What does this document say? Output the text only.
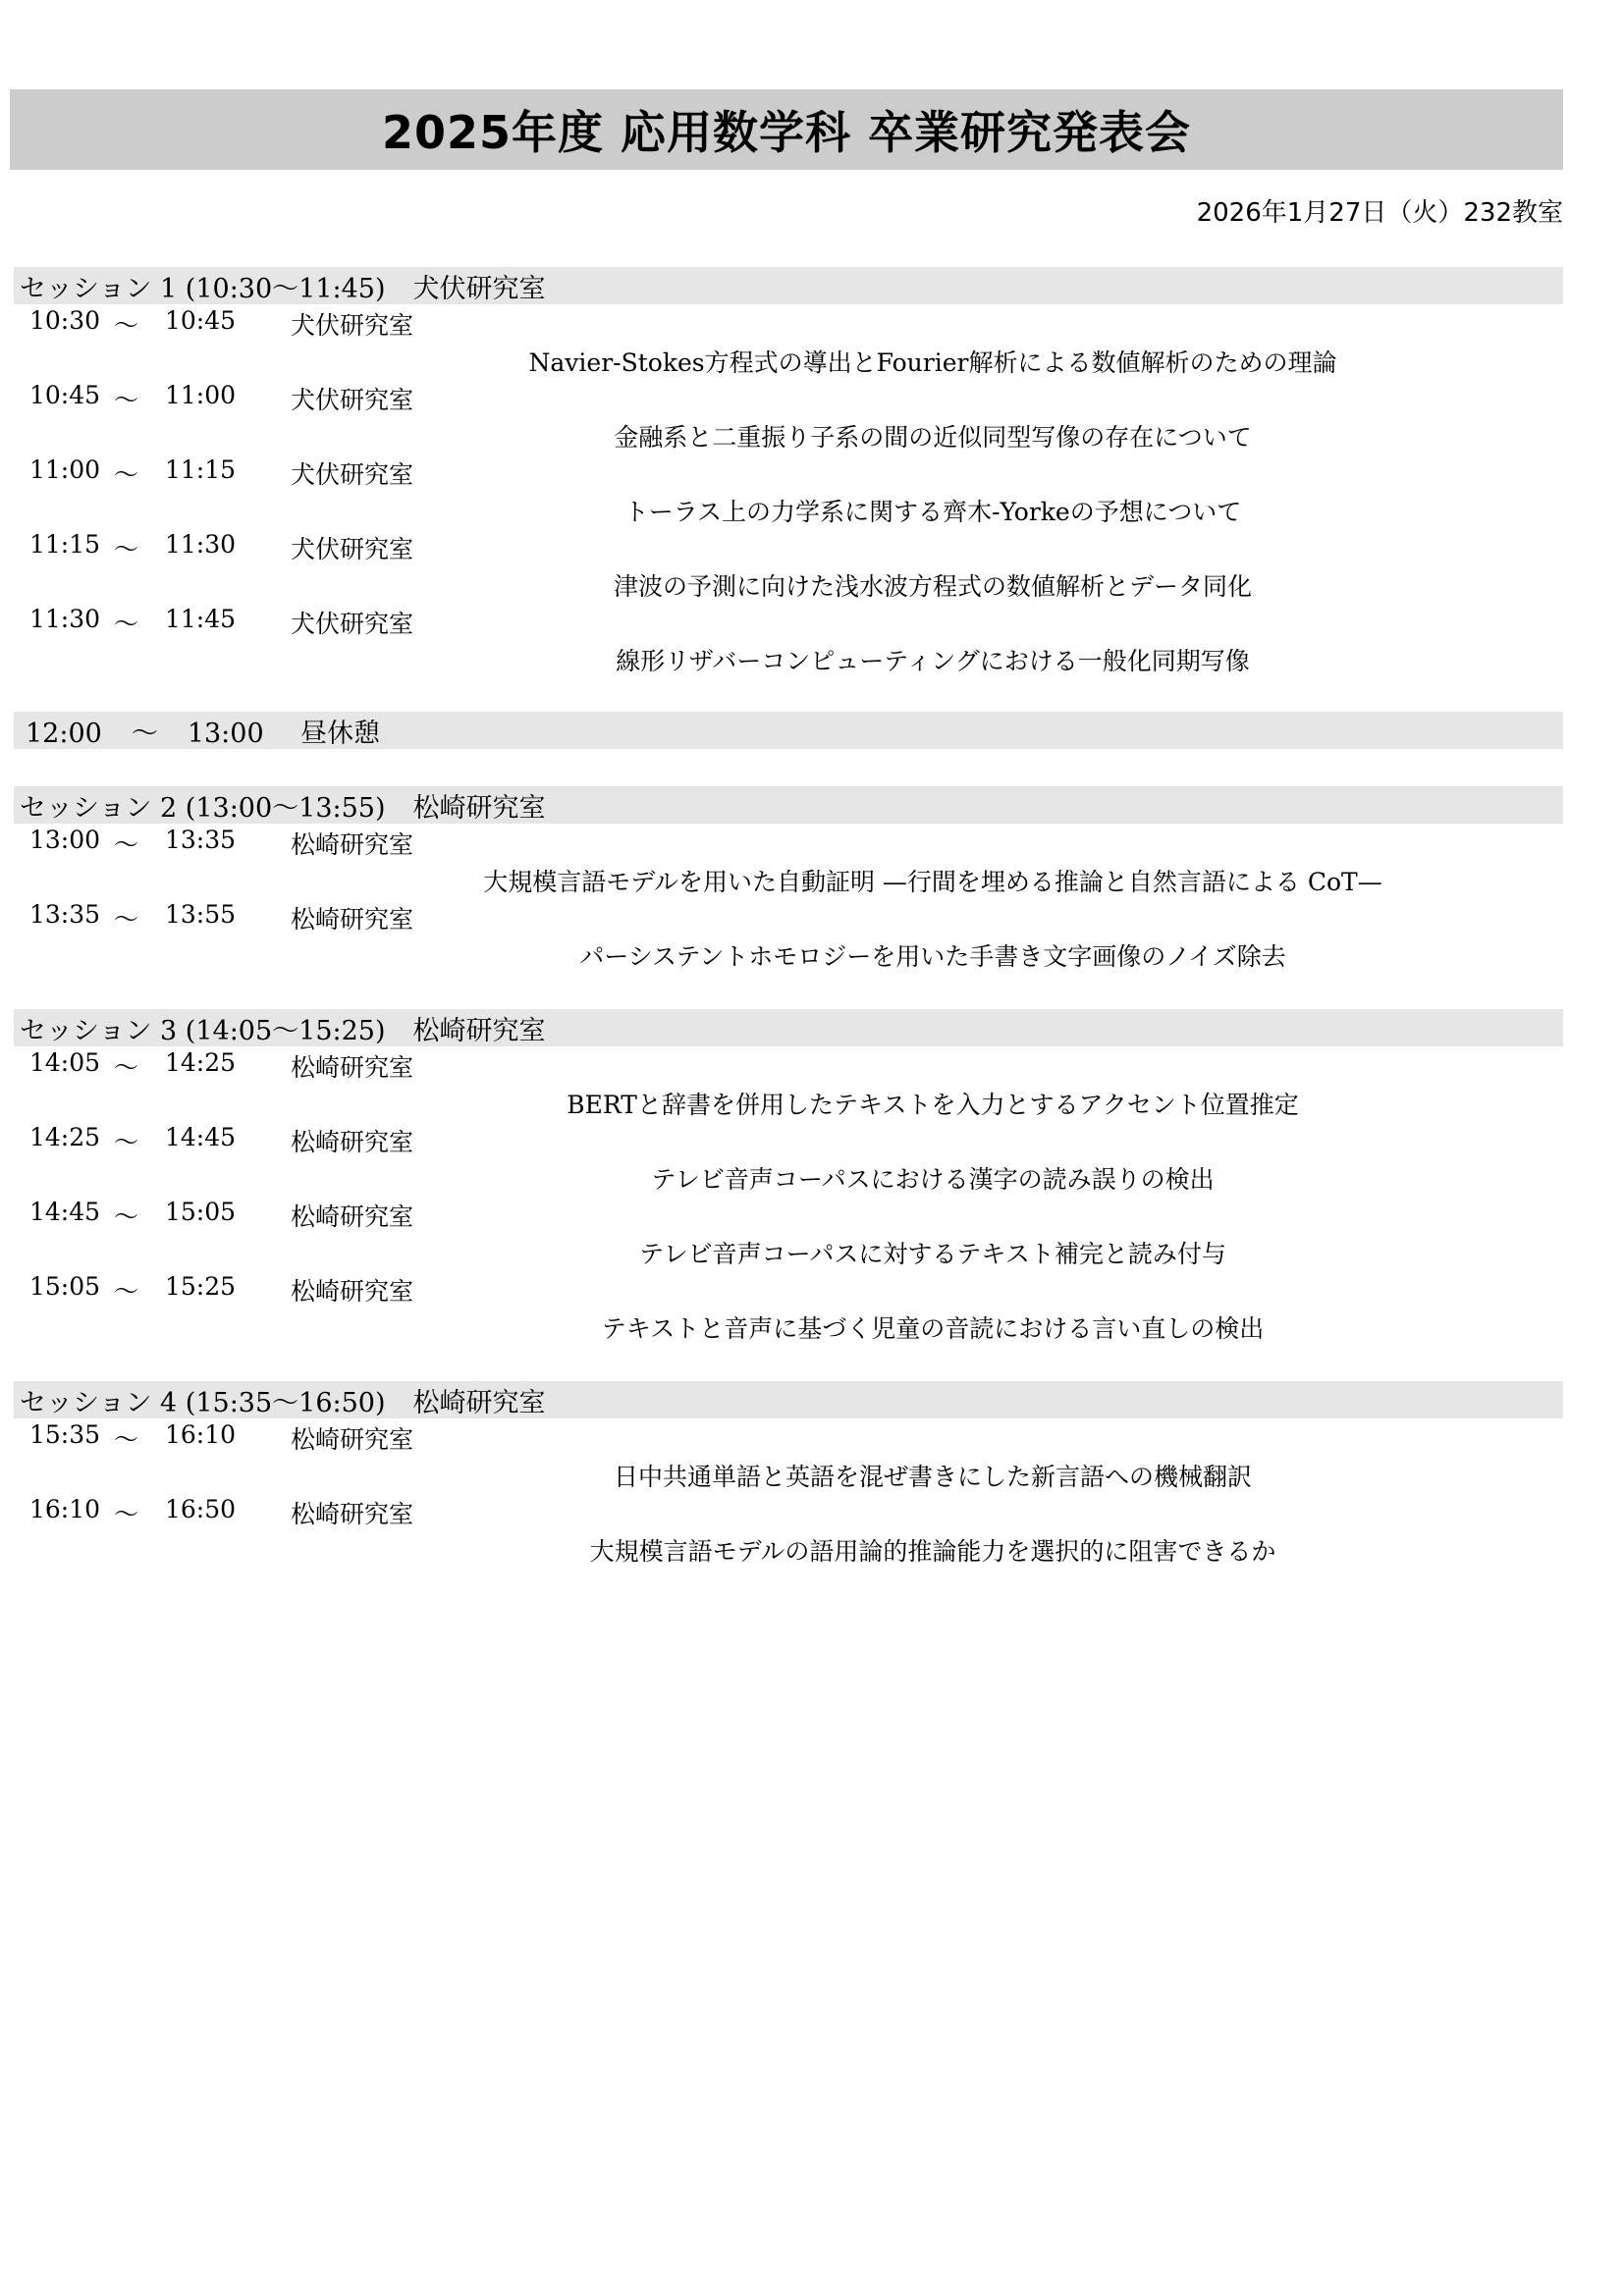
2025年度 応用数学科 卒業研究発表会
2026年1月27日（火）232教室
セッション 1 (10:30〜11:45) 犬伏研究室
10:30 〜 10:45 犬伏研究室
Navier-Stokes方程式の導出とFourier解析による数値解析のための理論
10:45 〜 11:00 犬伏研究室
金融系と二重振り子系の間の近似同型写像の存在について
11:00 〜 11:15 犬伏研究室
トーラス上の力学系に関する齊木-Yorkeの予想について
11:15 〜 11:30 犬伏研究室
津波の予測に向けた浅水波方程式の数値解析とデータ同化
11:30 〜 11:45 犬伏研究室
線形リザバーコンピューティングにおける一般化同期写像
セッション 2 (13:00〜13:55) 松崎研究室
13:00 〜 13:35 松崎研究室
大規模言語モデルを用いた自動証明 —行間を埋める推論と自然言語による CoT—
13:35 〜 13:55 松崎研究室
パーシステントホモロジーを用いた手書き文字画像のノイズ除去
セッション 3 (14:05〜15:25) 松崎研究室
14:05 〜 14:25 松崎研究室
BERTと辞書を併用したテキストを入力とするアクセント位置推定
14:25 〜 14:45 松崎研究室
テレビ音声コーパスにおける漢字の読み誤りの検出
14:45 〜 15:05 松崎研究室
テレビ音声コーパスに対するテキスト補完と読み付与
15:05 〜 15:25 松崎研究室
テキストと音声に基づく児童の音読における言い直しの検出
セッション 4 (15:35〜16:50) 松崎研究室
15:35 〜 16:10 松崎研究室
日中共通単語と英語を混ぜ書きにした新言語への機械翻訳
16:10 〜 16:50 松崎研究室
大規模言語モデルの語用論的推論能力を選択的に阻害できるか
12:00 〜 13:00	昼休憩
